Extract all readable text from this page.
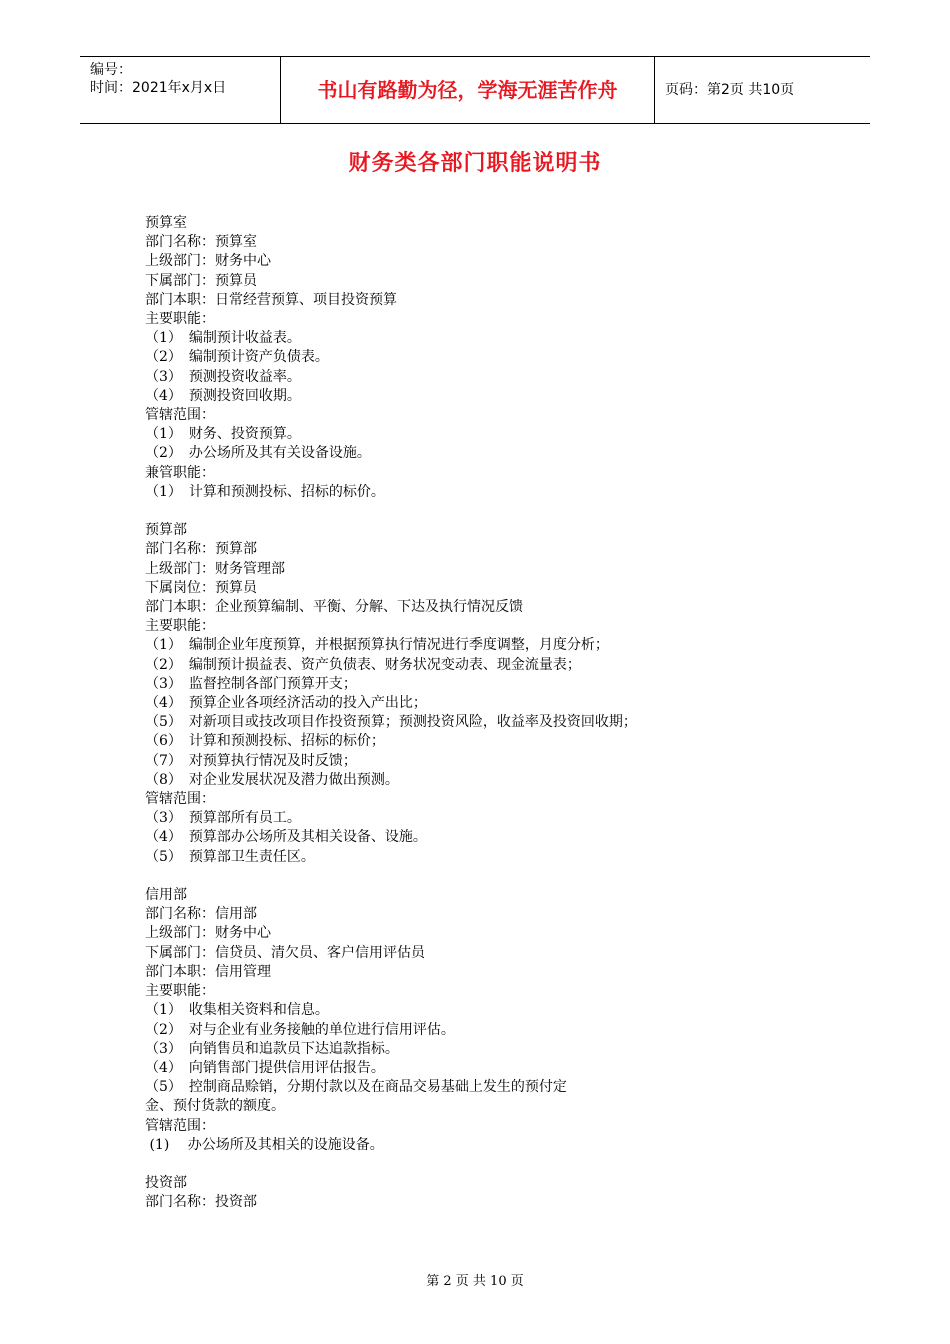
编号：
时间：2021年x月x日	书山有路勤为径，学海无涯苦作舟	页码：第2页 共10页
财务类各部门职能说明书
预算室
部门名称：预算室
上级部门：财务中心
下属部门：预算员
部门本职：日常经营预算、项目投资预算
主要职能：
（1）　编制预计收益表。
（2）　编制预计资产负债表。
（3）　预测投资收益率。
（4）　预测投资回收期。
管辖范围：
（1）　财务、投资预算。
（2）　办公场所及其有关设备设施。
兼管职能：
（1）　计算和预测投标、招标的标价。
预算部
部门名称：预算部
上级部门：财务管理部
下属岗位：预算员
部门本职：企业预算编制、平衡、分解、下达及执行情况反馈
主要职能：
（1）　编制企业年度预算，并根据预算执行情况进行季度调整，月度分析；
（2）　编制预计损益表、资产负债表、财务状况变动表、现金流量表；
（3）　监督控制各部门预算开支；
（4）　预算企业各项经济活动的投入产出比；
（5）　对新项目或技改项目作投资预算；预测投资风险，收益率及投资回收期；
（6）　计算和预测投标、招标的标价；
（7）　对预算执行情况及时反馈；
（8）　对企业发展状况及潜力做出预测。
管辖范围：
（3）　预算部所有员工。
（4）　预算部办公场所及其相关设备、设施。
（5）　预算部卫生责任区。
信用部
部门名称：信用部
上级部门：财务中心
下属部门：信贷员、清欠员、客户信用评估员
部门本职：信用管理
主要职能：
（1）　收集相关资料和信息。
（2）　对与企业有业务接触的单位进行信用评估。
（3）　向销售员和追款员下达追款指标。
（4）　向销售部门提供信用评估报告。
（5）　控制商品赊销，分期付款以及在商品交易基础上发生的预付定
金、预付货款的额度。
管辖范围：
(1)　 办公场所及其相关的设施设备。
投资部
部门名称：投资部
第 2 页 共 10 页
